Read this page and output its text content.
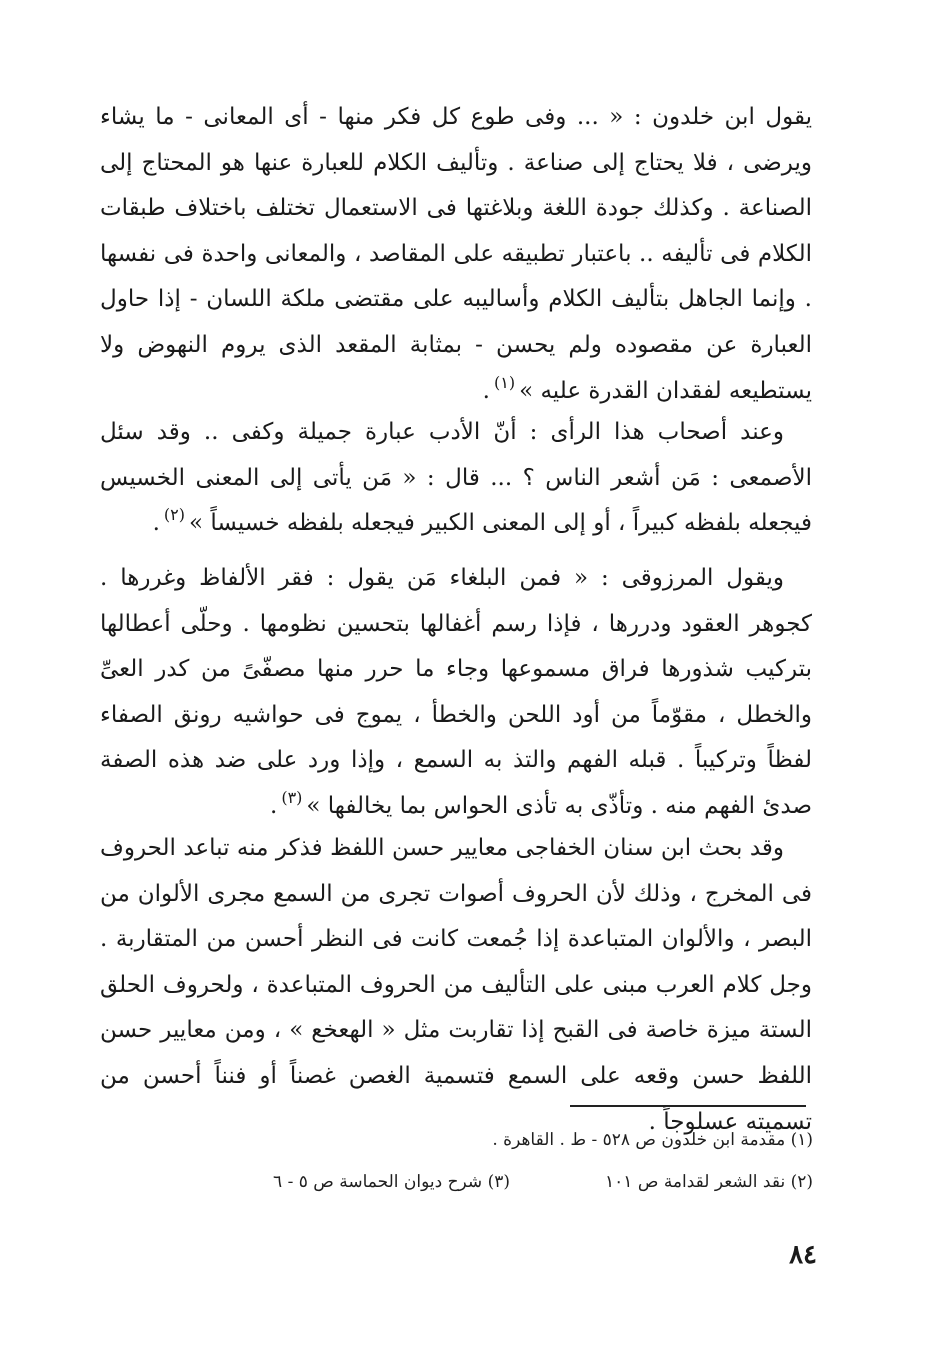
يقول ابن خلدون : « ... وفى طوع كل فكر منها - أى المعانى - ما يشاء ويرضى ، فلا يحتاج إلى صناعة . وتأليف الكلام للعبارة عنها هو المحتاج إلى الصناعة . وكذلك جودة اللغة وبلاغتها فى الاستعمال تختلف باختلاف طبقات الكلام فى تأليفه .. باعتبار تطبيقه على المقاصد ، والمعانى واحدة فى نفسها . وإنما الجاهل بتأليف الكلام وأساليبه على مقتضى ملكة اللسان - إذا حاول العبارة عن مقصوده ولم يحسن - بمثابة المقعد الذى يروم النهوض ولا يستطيعه لفقدان القدرة عليه »$^{(١)}$.

وعند أصحاب هذا الرأى : أنّ الأدب عبارة جميلة وكفى .. وقد سئل الأصمعى : مَن أشعر الناس ؟ ... قال : « مَن يأتى إلى المعنى الخسيس فيجعله بلفظه كبيراً ، أو إلى المعنى الكبير فيجعله بلفظه خسيساً »$^{(٢)}$.

ويقول المرزوقى : « فمن البلغاء مَن يقول : فقر الألفاظ وغررها . كجوهر العقود ودررها ، فإذا رسم أغفالها بتحسين نظومها . وحلّى أعطالها بتركيب شذورها فراق مسموعها وجاء ما حرر منها مصفّىً من كدر العىِّ والخطل ، مقوّماً من أود اللحن والخطأ ، يموج فى حواشيه رونق الصفاء لفظاً وتركيباً . قبله الفهم والتذ به السمع ، وإذا ورد على ضد هذه الصفة صدئ الفهم منه . وتأذّى به تأذى الحواس بما يخالفها »$^{(٣)}$.

وقد بحث ابن سنان الخفاجى معايير حسن اللفظ فذكر منه تباعد الحروف فى المخرج ، وذلك لأن الحروف أصوات تجرى من السمع مجرى الألوان من البصر ، والألوان المتباعدة إذا جُمعت كانت فى النظر أحسن من المتقاربة . وجل كلام العرب مبنى على التأليف من الحروف المتباعدة ، ولحروف الحلق الستة ميزة خاصة فى القبح إذا تقاربت مثل « الهعخع » ، ومن معايير حسن اللفظ حسن وقعه على السمع فتسمية الغصن غصناً أو فنناً أحسن من تسميته عسلوجاً .

(١) مقدمة ابن خلدون ص ٥٢٨ - ط . القاهرة .
(٢) نقد الشعر لقدامة ص ١٠١
(٣) شرح ديوان الحماسة ص ٥ - ٦
٨٤
